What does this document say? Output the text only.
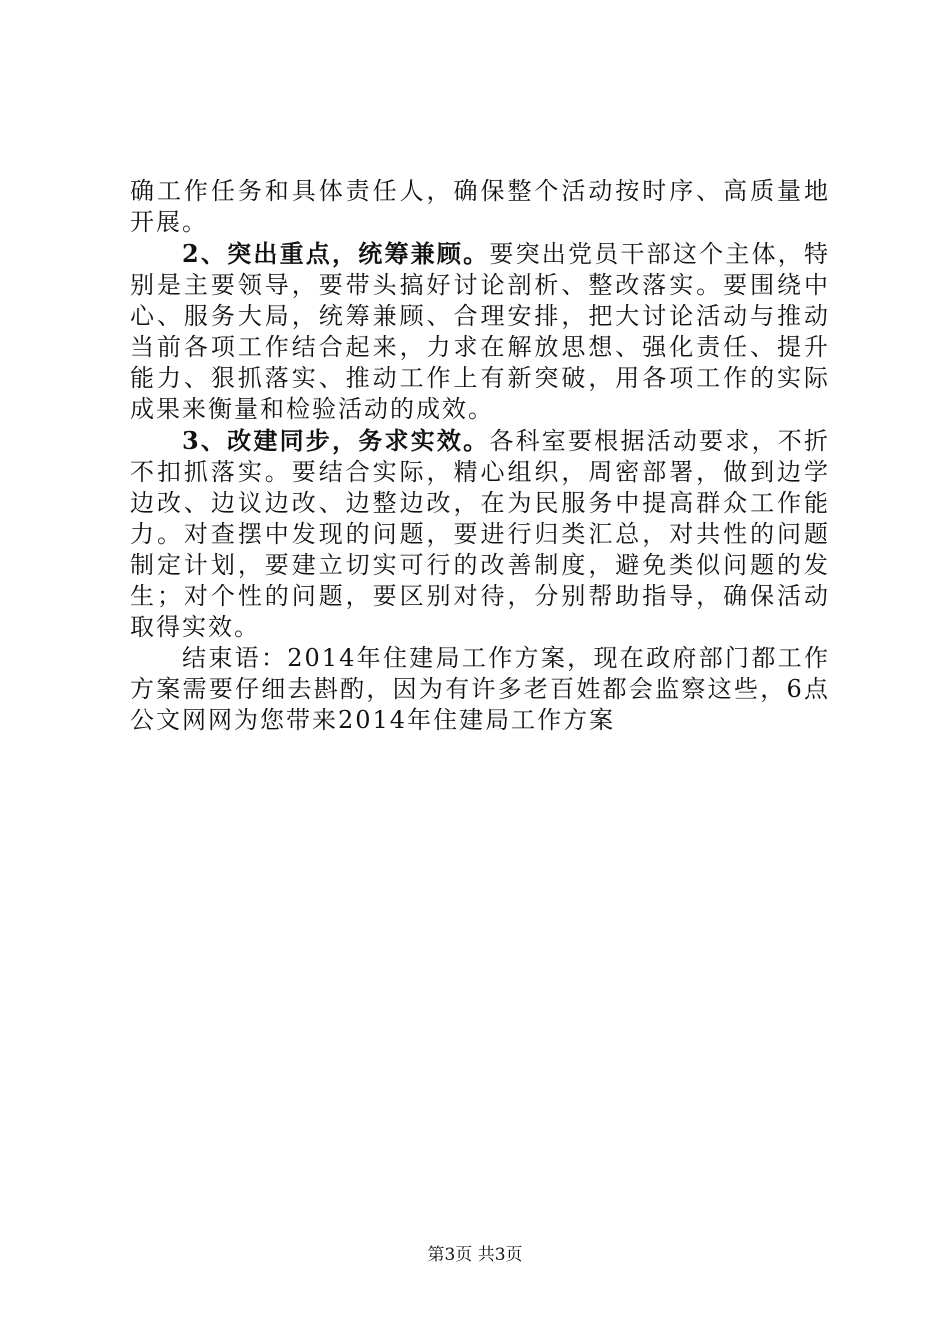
确工作任务和具体责任人，确保整个活动按时序、高质量地开展。

2、突出重点，统筹兼顾。要突出党员干部这个主体，特别是主要领导，要带头搞好讨论剖析、整改落实。要围绕中心、服务大局，统筹兼顾、合理安排，把大讨论活动与推动当前各项工作结合起来，力求在解放思想、强化责任、提升能力、狠抓落实、推动工作上有新突破，用各项工作的实际成果来衡量和检验活动的成效。

3、改建同步，务求实效。各科室要根据活动要求，不折不扣抓落实。要结合实际，精心组织，周密部署，做到边学边改、边议边改、边整边改，在为民服务中提高群众工作能力。对查摆中发现的问题，要进行归类汇总，对共性的问题制定计划，要建立切实可行的改善制度，避免类似问题的发生；对个性的问题，要区别对待，分别帮助指导，确保活动取得实效。

结束语：2014年住建局工作方案，现在政府部门都工作方案需要仔细去斟酌，因为有许多老百姓都会监察这些，6点公文网网为您带来2014年住建局工作方案

第3页 共3页
